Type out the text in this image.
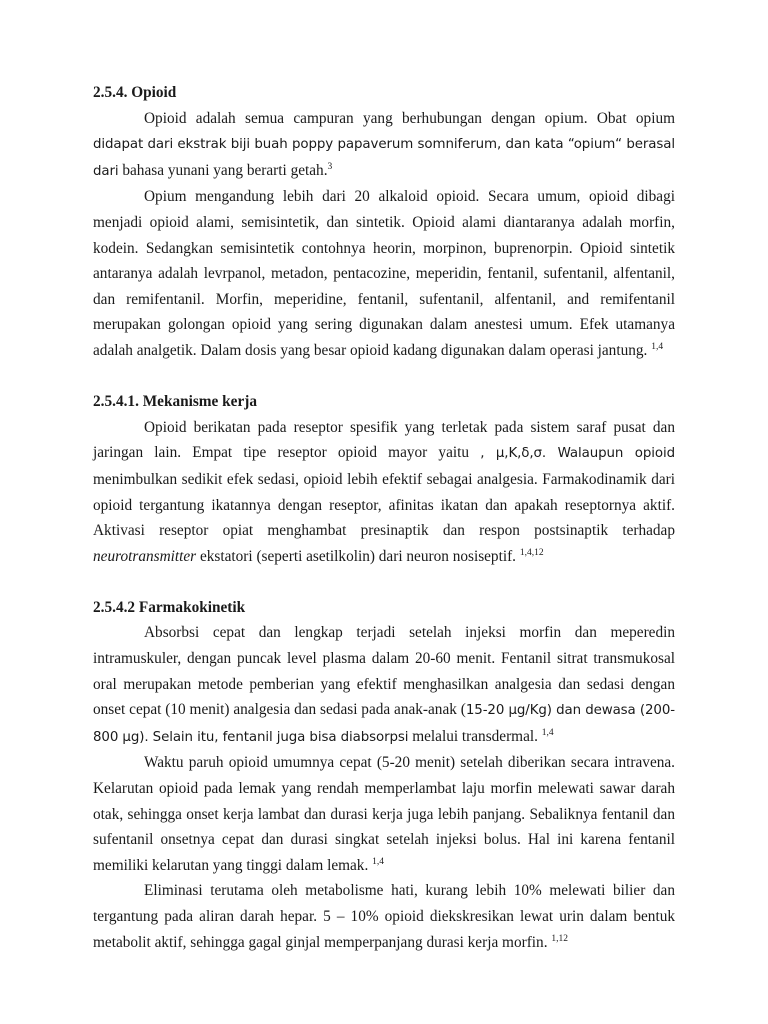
2.5.4. Opioid

Opioid adalah semua campuran yang berhubungan dengan opium. Obat opium didapat dari ekstrak biji buah poppy papaverum somniferum, dan kata “opium“ berasal dari bahasa yunani yang berarti getah.$^3$

Opium mengandung lebih dari 20 alkaloid opioid. Secara umum, opioid dibagi menjadi opioid alami, semisintetik, dan sintetik. Opioid alami diantaranya adalah morfin, kodein. Sedangkan semisintetik contohnya heorin, morpinon, buprenorpin. Opioid sintetik antaranya adalah levrpanol, metadon, pentacozine, meperidin, fentanil, sufentanil, alfentanil, dan remifentanil. Morfin, meperidine, fentanil, sufentanil, alfentanil, and remifentanil merupakan golongan opioid yang sering digunakan dalam anestesi umum. Efek utamanya adalah analgetik. Dalam dosis yang besar opioid kadang digunakan dalam operasi jantung. $^{1,4}$

2.5.4.1. Mekanisme kerja

Opioid berikatan pada reseptor spesifik yang terletak pada sistem saraf pusat dan jaringan lain. Empat tipe reseptor opioid mayor yaitu , μ,K,δ,σ. Walaupun opioid menimbulkan sedikit efek sedasi, opioid lebih efektif sebagai analgesia. Farmakodinamik dari opioid tergantung ikatannya dengan reseptor, afinitas ikatan dan apakah reseptornya aktif. Aktivasi reseptor opiat menghambat presinaptik dan respon postsinaptik terhadap neurotransmitter ekstatori (seperti asetilkolin) dari neuron nosiseptif. $^{1,4,12}$

2.5.4.2 Farmakokinetik

Absorbsi cepat dan lengkap terjadi setelah injeksi morfin dan meperedin intramuskuler, dengan puncak level plasma dalam 20-60 menit. Fentanil sitrat transmukosal oral merupakan metode pemberian yang efektif menghasilkan analgesia dan sedasi dengan onset cepat (10 menit) analgesia dan sedasi pada anak-anak (15-20 μg/Kg) dan dewasa (200-800 μg). Selain itu, fentanil juga bisa diabsorpsi melalui transdermal. $^{1,4}$

Waktu paruh opioid umumnya cepat (5-20 menit) setelah diberikan secara intravena. Kelarutan opioid pada lemak yang rendah memperlambat laju morfin melewati sawar darah otak, sehingga onset kerja lambat dan durasi kerja juga lebih panjang. Sebaliknya fentanil dan sufentanil onsetnya cepat dan durasi singkat setelah injeksi bolus. Hal ini karena fentanil memiliki kelarutan yang tinggi dalam lemak. $^{1,4}$

Eliminasi terutama oleh metabolisme hati, kurang lebih 10% melewati bilier dan tergantung pada aliran darah hepar. 5 – 10% opioid diekskresikan lewat urin dalam bentuk metabolit aktif, sehingga gagal ginjal memperpanjang durasi kerja morfin. $^{1,12}$
